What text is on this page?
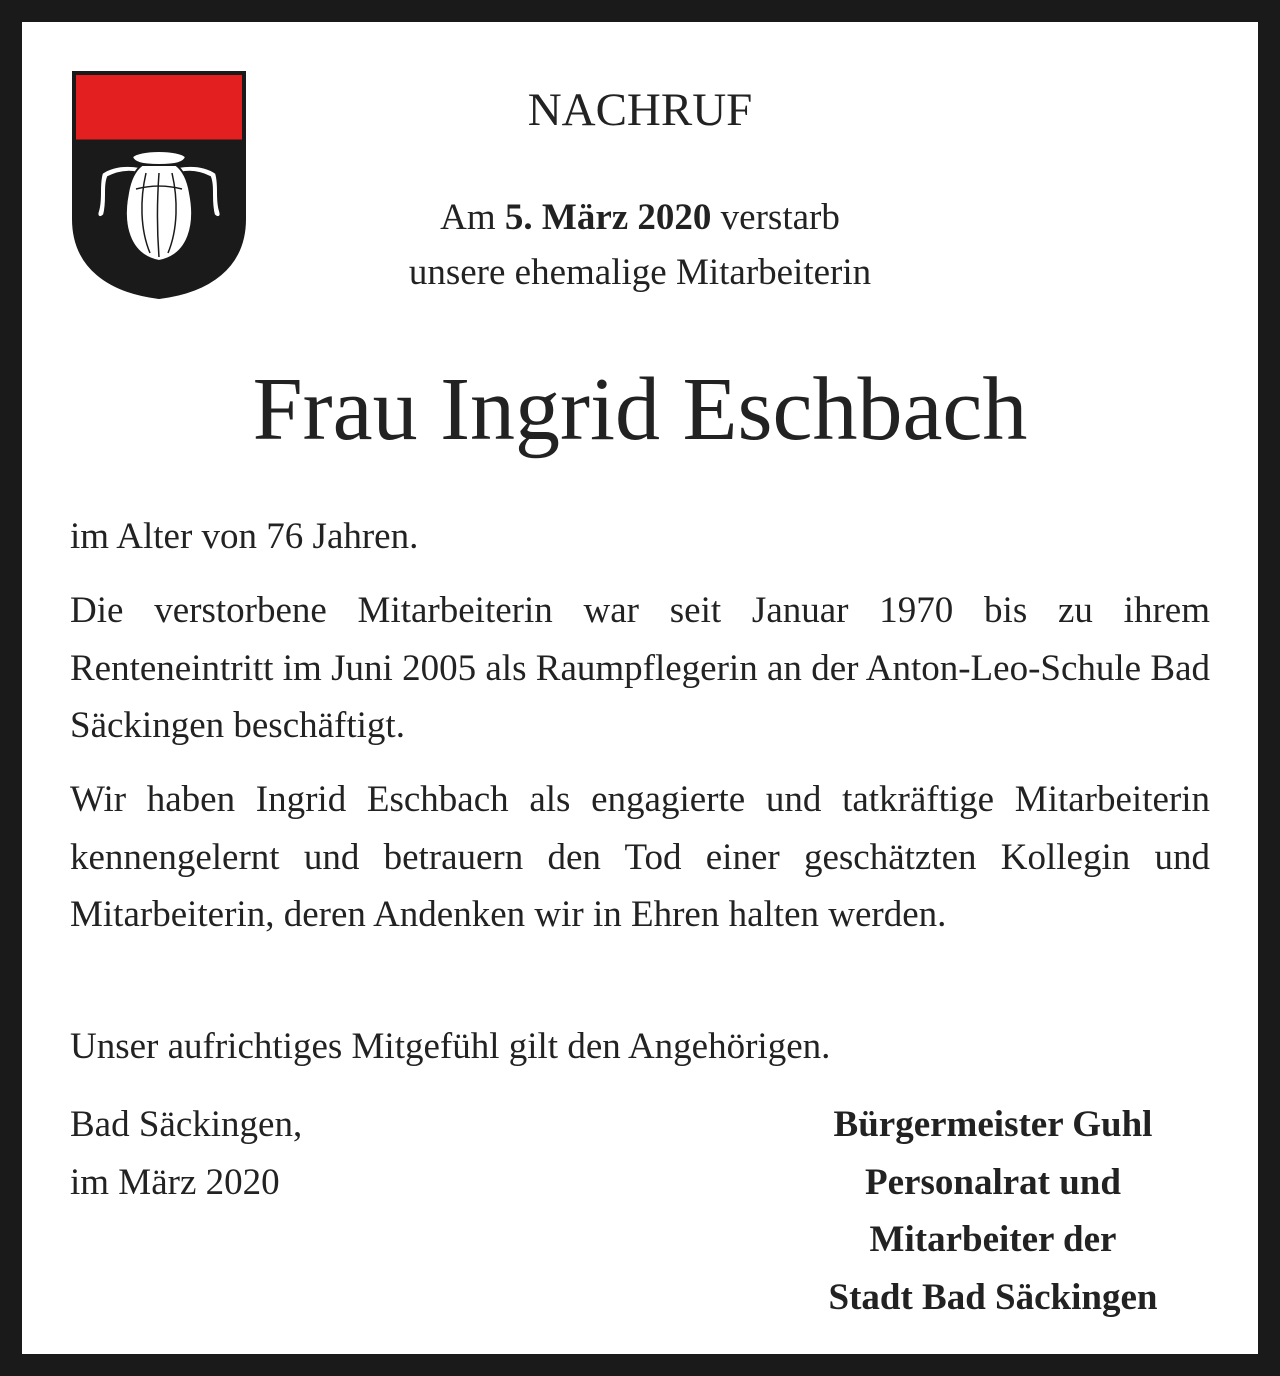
NACHRUF
Am 5. März 2020 verstarb
unsere ehemalige Mitarbeiterin
Frau Ingrid Eschbach

im Alter von 76 Jahren.

Die verstorbene Mitarbeiterin war seit Januar 1970 bis zu ihrem Renteneintritt im Juni 2005 als Raumpflegerin an der Anton-Leo-Schule Bad Säckingen beschäftigt.

Wir haben Ingrid Eschbach als engagierte und tatkräftige Mitarbeiterin kennengelernt und betrauern den Tod einer geschätzten Kollegin und Mitarbeiterin, deren Andenken wir in Ehren halten werden.

Unser aufrichtiges Mitgefühl gilt den Angehörigen.

Bad Säckingen,
im März 2020
Bürgermeister Guhl
Personalrat und
Mitarbeiter der
Stadt Bad Säckingen
